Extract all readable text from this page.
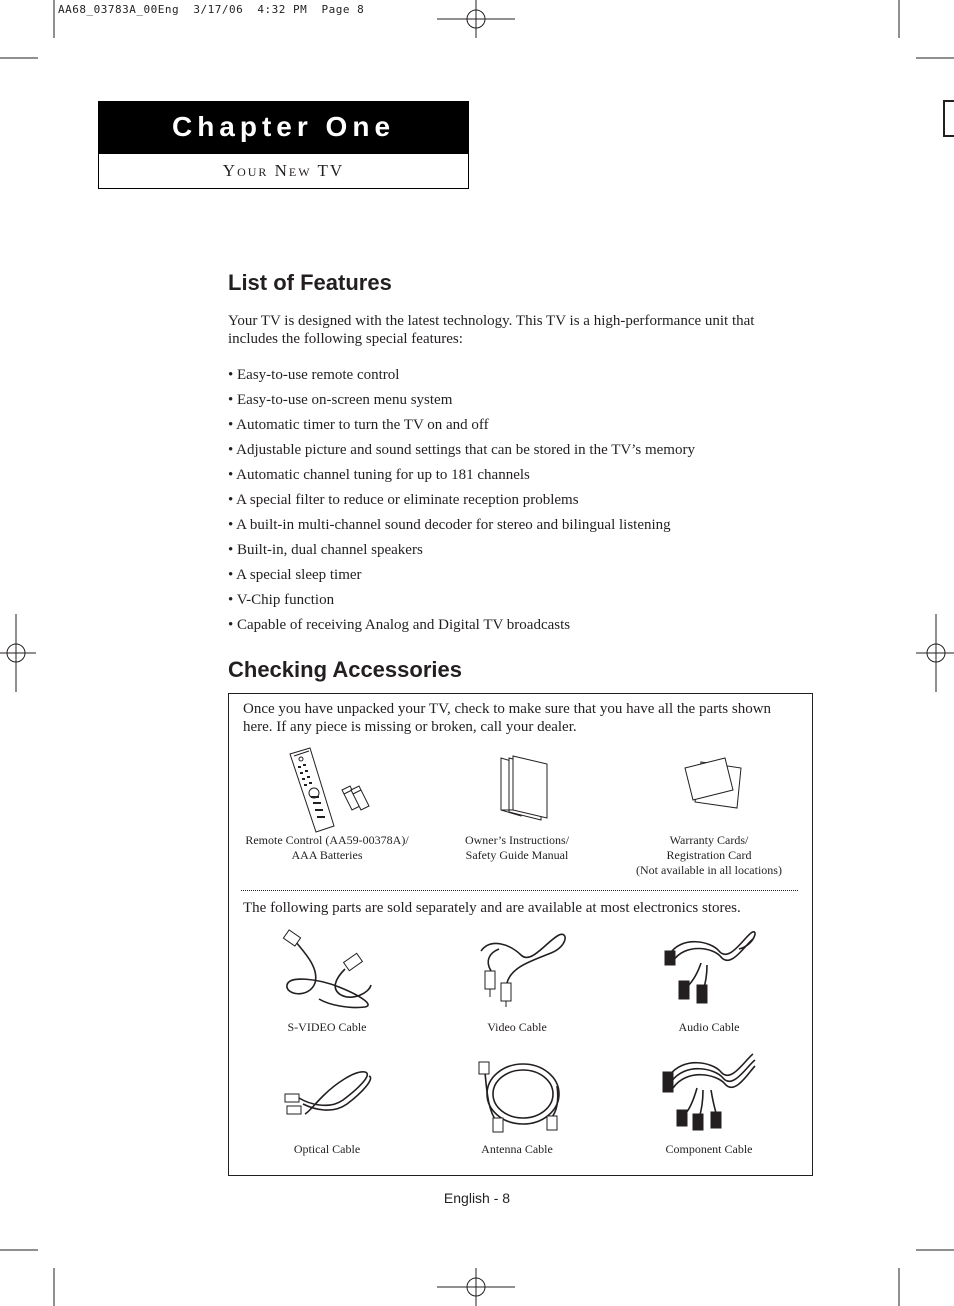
AA68_03783A_00Eng  3/17/06  4:32 PM  Page 8
Chapter One
Your New TV
List of Features
Your TV is designed with the latest technology. This TV is a high-performance unit that includes the following special features:
• Easy-to-use remote control
• Easy-to-use on-screen menu system
• Automatic timer to turn the TV on and off
• Adjustable picture and sound settings that can be stored in the TV’s memory
• Automatic channel tuning for up to 181 channels
• A special filter to reduce or eliminate reception problems
• A built-in multi-channel sound decoder for stereo and bilingual listening
• Built-in, dual channel speakers
• A special sleep timer
• V-Chip function
• Capable of receiving Analog and Digital TV broadcasts
Checking Accessories
Once you have unpacked your TV, check to make sure that you have all the parts shown here. If any piece is missing or broken, call your dealer.
Remote Control (AA59-00378A)/
AAA Batteries
Owner’s Instructions/
Safety Guide Manual
Warranty Cards/
Registration Card
(Not available in all locations)
The following parts are sold separately and are available at most electronics stores.
S-VIDEO Cable	Video Cable	Audio Cable
Optical Cable	Antenna Cable	Component Cable
English - 8
